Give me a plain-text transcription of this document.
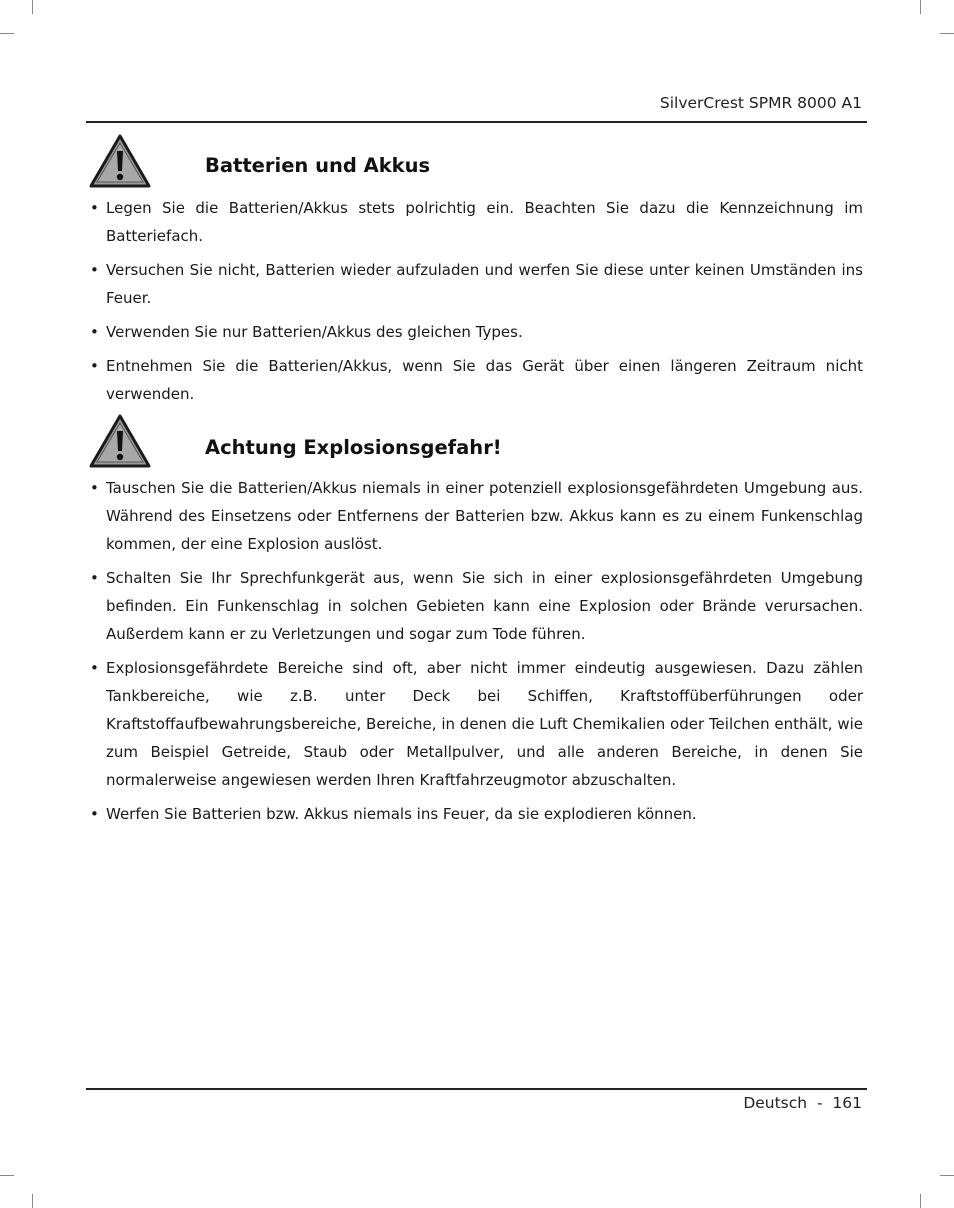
SilverCrest SPMR 8000 A1
Batterien und Akkus
• Legen Sie die Batterien/Akkus stets polrichtig ein. Beachten Sie dazu die Kennzeichnung im Batteriefach.
• Versuchen Sie nicht, Batterien wieder aufzuladen und werfen Sie diese unter keinen Umständen ins Feuer.
• Verwenden Sie nur Batterien/Akkus des gleichen Types.
• Entnehmen Sie die Batterien/Akkus, wenn Sie das Gerät über einen längeren Zeitraum nicht verwenden.
Achtung Explosionsgefahr!
• Tauschen Sie die Batterien/Akkus niemals in einer potenziell explosionsgefährdeten Umgebung aus. Während des Einsetzens oder Entfernens der Batterien bzw. Akkus kann es zu einem Funkenschlag kommen, der eine Explosion auslöst.
• Schalten Sie Ihr Sprechfunkgerät aus, wenn Sie sich in einer explosionsgefährdeten Umgebung befinden. Ein Funkenschlag in solchen Gebieten kann eine Explosion oder Brände verursachen. Außerdem kann er zu Verletzungen und sogar zum Tode führen.
• Explosionsgefährdete Bereiche sind oft, aber nicht immer eindeutig ausgewiesen. Dazu zählen Tankbereiche, wie z.B. unter Deck bei Schiffen, Kraftstoffüberführungen oder Kraftstoffaufbewahrungsbereiche, Bereiche, in denen die Luft Chemikalien oder Teilchen enthält, wie zum Beispiel Getreide, Staub oder Metallpulver, und alle anderen Bereiche, in denen Sie normalerweise angewiesen werden Ihren Kraftfahrzeugmotor abzuschalten.
• Werfen Sie Batterien bzw. Akkus niemals ins Feuer, da sie explodieren können.
Deutsch  -  161
